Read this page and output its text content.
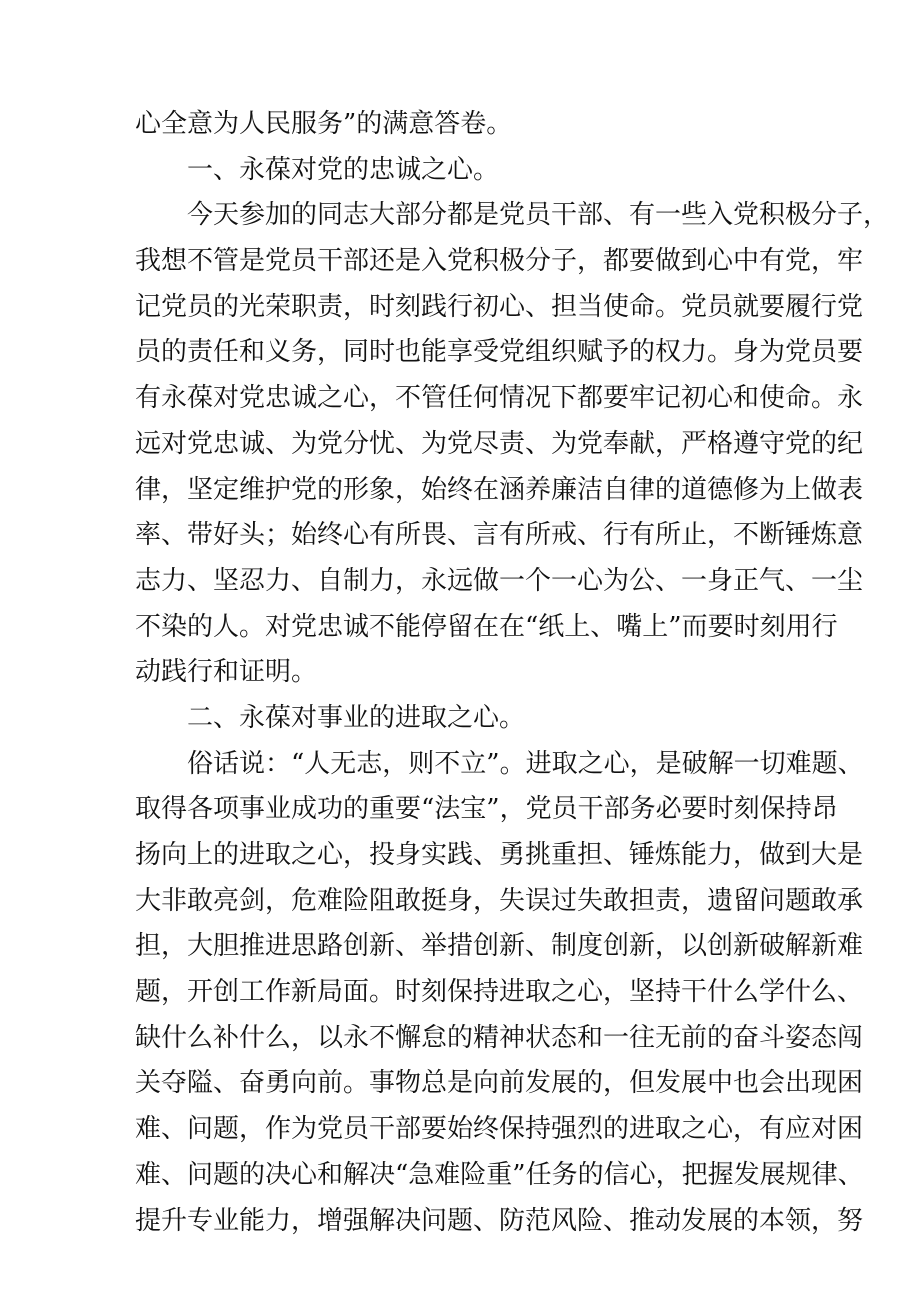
心全意为人民服务”的满意答卷。
一、永葆对党的忠诚之心。
今天参加的同志大部分都是党员干部、有一些入党积极分子，
我想不管是党员干部还是入党积极分子，都要做到心中有党，牢
记党员的光荣职责，时刻践行初心、担当使命。党员就要履行党
员的责任和义务，同时也能享受党组织赋予的权力。身为党员要
有永葆对党忠诚之心，不管任何情况下都要牢记初心和使命。永
远对党忠诚、为党分忧、为党尽责、为党奉献，严格遵守党的纪
律，坚定维护党的形象，始终在涵养廉洁自律的道德修为上做表
率、带好头；始终心有所畏、言有所戒、行有所止，不断锤炼意
志力、坚忍力、自制力，永远做一个一心为公、一身正气、一尘
不染的人。对党忠诚不能停留在在“纸上、嘴上”而要时刻用行
动践行和证明。
二、永葆对事业的进取之心。
俗话说：“人无志，则不立”。进取之心，是破解一切难题、
取得各项事业成功的重要“法宝”，党员干部务必要时刻保持昂
扬向上的进取之心，投身实践、勇挑重担、锤炼能力，做到大是
大非敢亮剑，危难险阻敢挺身，失误过失敢担责，遗留问题敢承
担，大胆推进思路创新、举措创新、制度创新，以创新破解新难
题，开创工作新局面。时刻保持进取之心，坚持干什么学什么、
缺什么补什么，以永不懈怠的精神状态和一往无前的奋斗姿态闯
关夺隘、奋勇向前。事物总是向前发展的，但发展中也会出现困
难、问题，作为党员干部要始终保持强烈的进取之心，有应对困
难、问题的决心和解决“急难险重”任务的信心，把握发展规律、
提升专业能力，增强解决问题、防范风险、推动发展的本领，努
